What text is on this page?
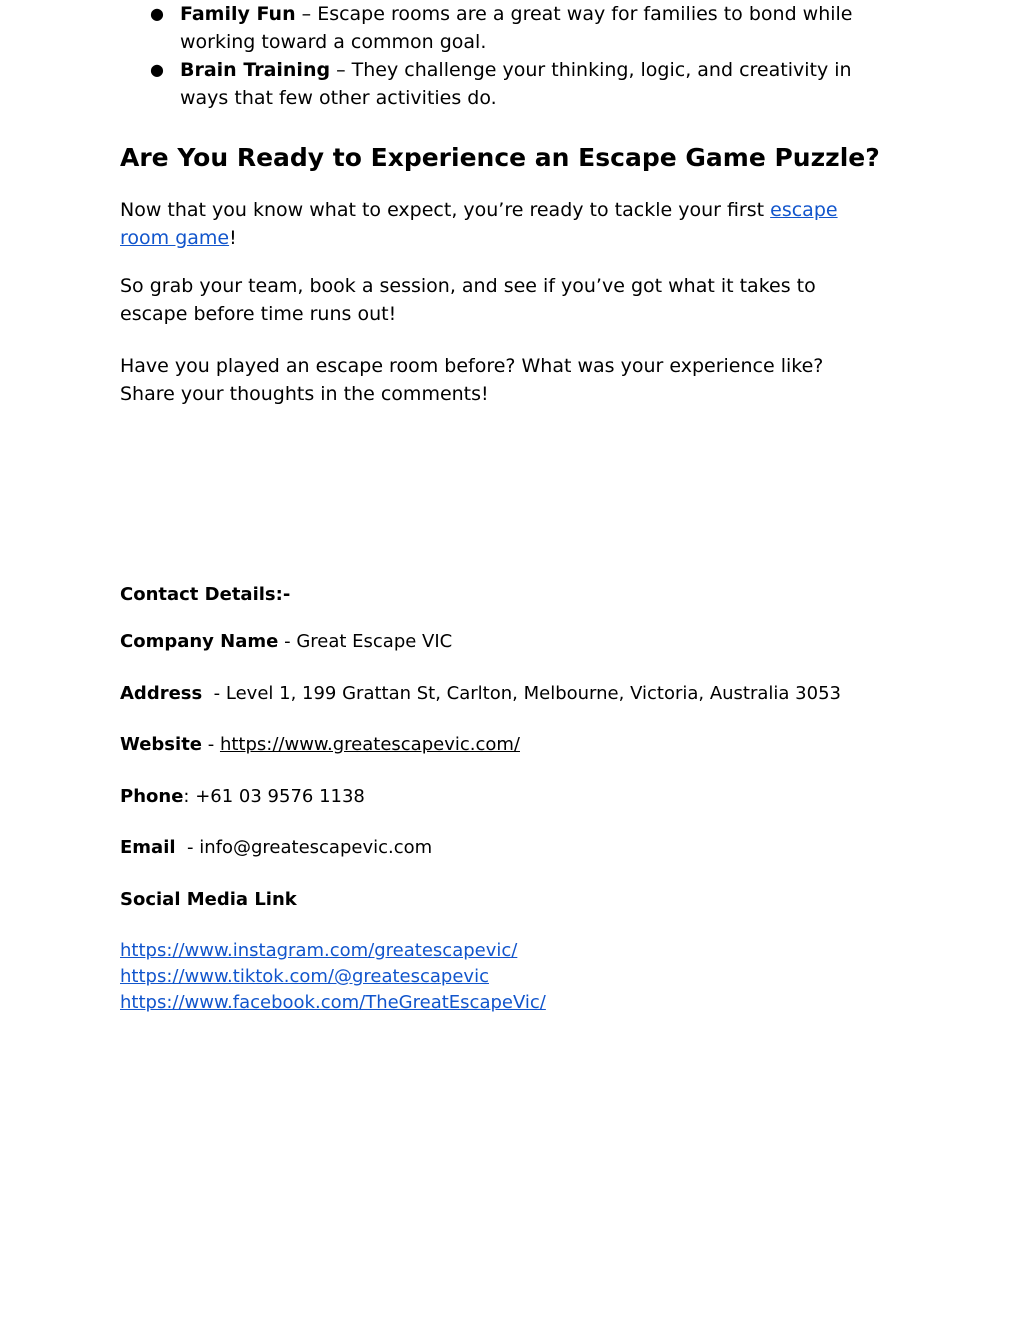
● Family Fun – Escape rooms are a great way for families to bond while working toward a common goal.
● Brain Training – They challenge your thinking, logic, and creativity in ways that few other activities do.
Are You Ready to Experience an Escape Game Puzzle?

Now that you know what to expect, you’re ready to tackle your first escape room game!

So grab your team, book a session, and see if you’ve got what it takes to escape before time runs out!

Have you played an escape room before? What was your experience like? Share your thoughts in the comments!

Contact Details:-

Company Name - Great Escape VIC

Address  - Level 1, 199 Grattan St, Carlton, Melbourne, Victoria, Australia 3053

Website - https://www.greatescapevic.com/

Phone: +61 03 9576 1138

Email  - info@greatescapevic.com

Social Media Link

https://www.instagram.com/greatescapevic/
https://www.tiktok.com/@greatescapevic
https://www.facebook.com/TheGreatEscapeVic/
